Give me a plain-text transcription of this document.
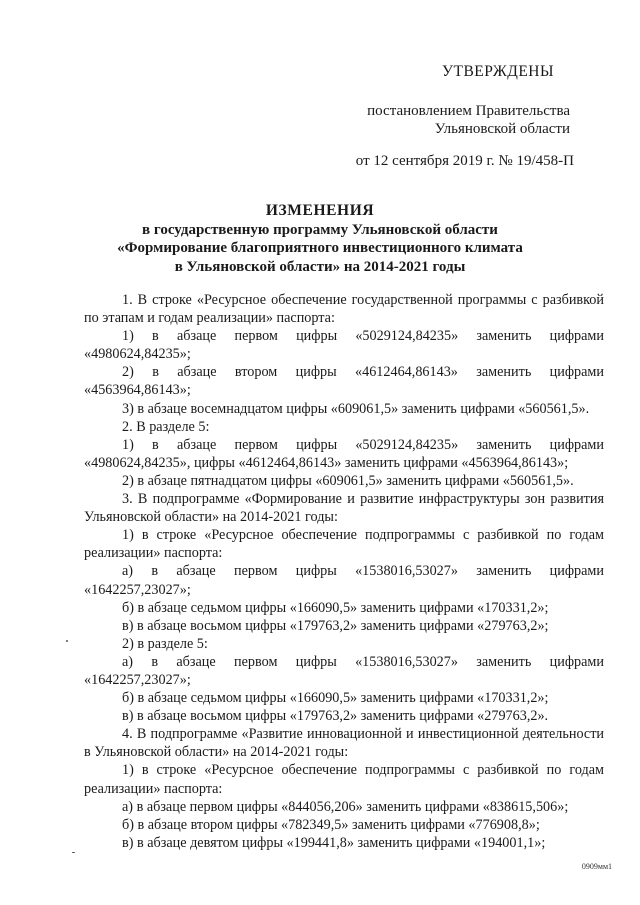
УТВЕРЖДЕНЫ
постановлением Правительства
Ульяновской области
от 12 сентября 2019 г. № 19/458-П
ИЗМЕНЕНИЯ
в государственную программу Ульяновской области
«Формирование благоприятного инвестиционного климата
в Ульяновской области» на 2014-2021 годы

1. В строке «Ресурсное обеспечение государственной программы с разбивкой по этапам и годам реализации» паспорта:

1) в абзаце первом цифры «5029124,84235» заменить цифрами «4980624,84235»;

2) в абзаце втором цифры «4612464,86143» заменить цифрами «4563964,86143»;

3) в абзаце восемнадцатом цифры «609061,5» заменить цифрами «560561,5».

2. В разделе 5:

1) в абзаце первом цифры «5029124,84235» заменить цифрами «4980624,84235», цифры «4612464,86143» заменить цифрами «4563964,86143»;

2) в абзаце пятнадцатом цифры «609061,5» заменить цифрами «560561,5».

3. В подпрограмме «Формирование и развитие инфраструктуры зон развития Ульяновской области» на 2014-2021 годы:

1) в строке «Ресурсное обеспечение подпрограммы с разбивкой по годам реализации» паспорта:

а) в абзаце первом цифры «1538016,53027» заменить цифрами «1642257,23027»;

б) в абзаце седьмом цифры «166090,5» заменить цифрами «170331,2»;

в) в абзаце восьмом цифры «179763,2» заменить цифрами «279763,2»;

2) в разделе 5:

а) в абзаце первом цифры «1538016,53027» заменить цифрами «1642257,23027»;

б) в абзаце седьмом цифры «166090,5» заменить цифрами «170331,2»;

в) в абзаце восьмом цифры «179763,2» заменить цифрами «279763,2».

4. В подпрограмме «Развитие инновационной и инвестиционной деятельности в Ульяновской области» на 2014-2021 годы:

1) в строке «Ресурсное обеспечение подпрограммы с разбивкой по годам реализации» паспорта:

а) в абзаце первом цифры «844056,206» заменить цифрами «838615,506»;

б) в абзаце втором цифры «782349,5» заменить цифрами «776908,8»;

в) в абзаце девятом цифры «199441,8» заменить цифрами «194001,1»;

0909мм1
